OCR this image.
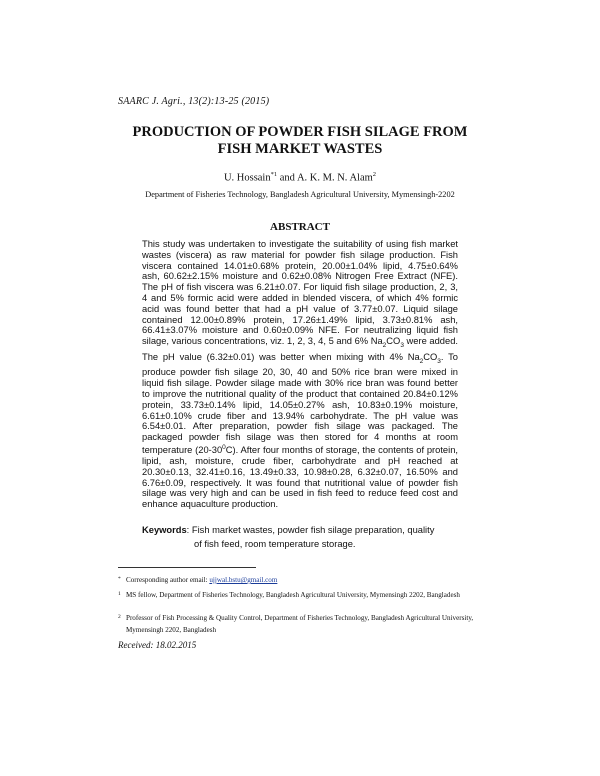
SAARC J. Agri., 13(2):13-25 (2015)
PRODUCTION OF POWDER FISH SILAGE FROM
FISH MARKET WASTES
U. Hossain$^{*1}$ and A. K. M. N. Alam$^2$
Department of Fisheries Technology, Bangladesh Agricultural University, Mymensingh-2202
ABSTRACT

This study was undertaken to investigate the suitability of using fish market wastes (viscera) as raw material for powder fish silage production. Fish viscera contained 14.01±0.68% protein, 20.00±1.04% lipid, 4.75±0.64% ash, 60.62±2.15% moisture and 0.62±0.08% Nitrogen Free Extract (NFE). The pH of fish viscera was 6.21±0.07. For liquid fish silage production, 2, 3, 4 and 5% formic acid were added in blended viscera, of which 4% formic acid was found better that had a pH value of 3.77±0.07. Liquid silage contained 12.00±0.89% protein, 17.26±1.49% lipid, 3.73±0.81% ash, 66.41±3.07% moisture and 0.60±0.09% NFE. For neutralizing liquid fish silage, various concentrations, viz. 1, 2, 3, 4, 5 and 6% $Na_2CO_3$ were added. The pH value (6.32±0.01) was better when mixing with 4% $Na_2CO_3$. To produce powder fish silage 20, 30, 40 and 50% rice bran were mixed in liquid fish silage. Powder silage made with 30% rice bran was found better to improve the nutritional quality of the product that contained 20.84±0.12% protein, 33.73±0.14% lipid, 14.05±0.27% ash, 10.83±0.19% moisture, 6.61±0.10% crude fiber and 13.94% carbohydrate. The pH value was 6.54±0.01. After preparation, powder fish silage was packaged. The packaged powder fish silage was then stored for 4 months at room temperature $(20-30^0C)$. After four months of storage, the contents of protein, lipid, ash, moisture, crude fiber, carbohydrate and pH reached at 20.30±0.13, 32.41±0.16, 13.49±0.33, 10.98±0.28, 6.32±0.07, 16.50% and 6.76±0.09, respectively. It was found that nutritional value of powder fish silage was very high and can be used in fish feed to reduce feed cost and enhance aquaculture production.

Keywords: Fish market wastes, powder fish silage preparation, quality
of fish feed, room temperature storage.
* Corresponding author email: ujjwal.bstu@gmail.com
1 MS fellow, Department of Fisheries Technology, Bangladesh Agricultural University, Mymensingh 2202, Bangladesh
2 Professor of Fish Processing & Quality Control, Department of Fisheries Technology, Bangladesh Agricultural University, Mymensingh 2202, Bangladesh
Received: 18.02.2015
